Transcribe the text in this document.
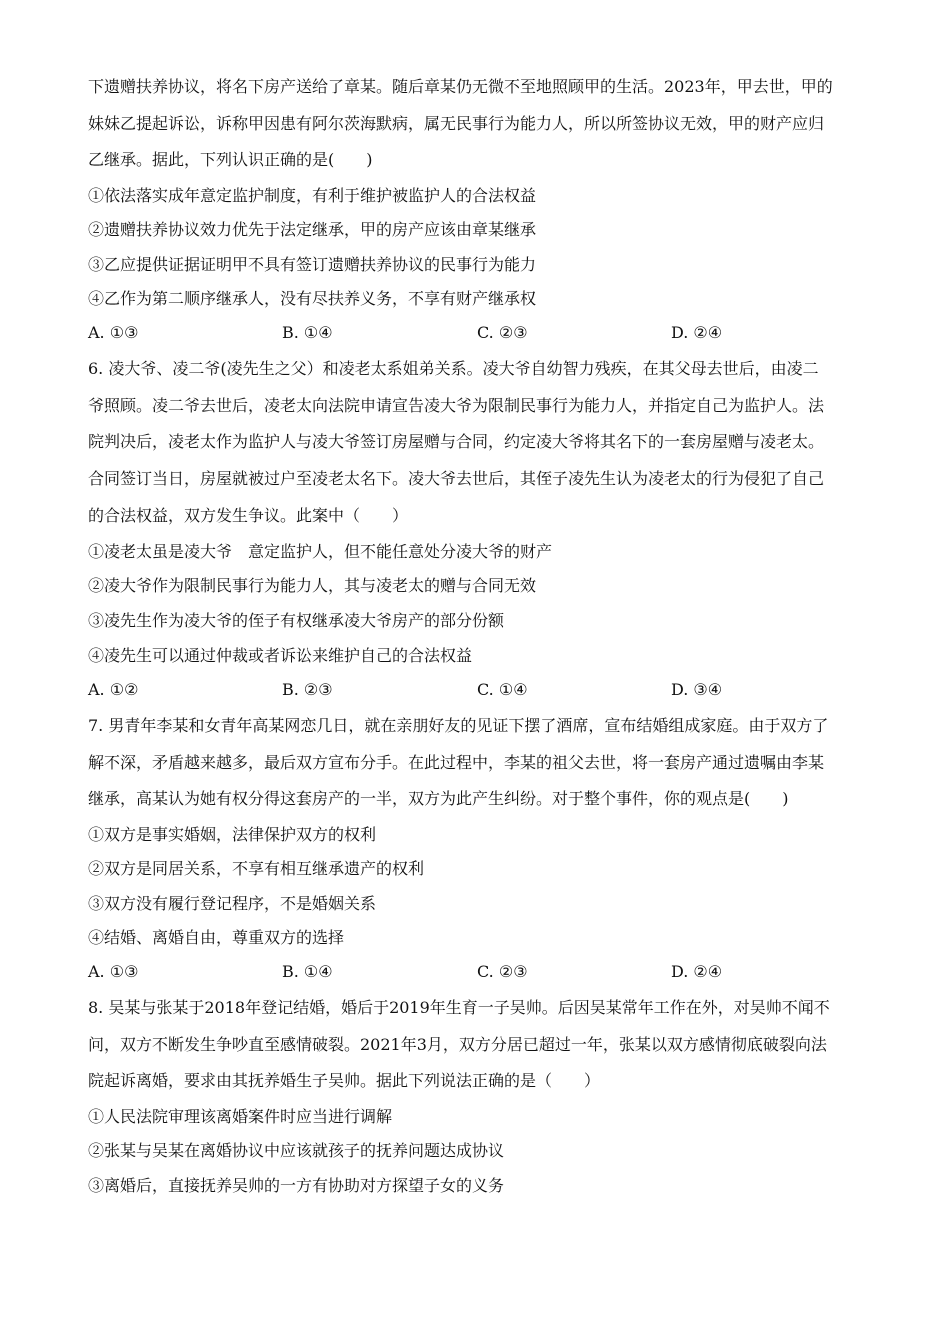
下遗赠扶养协议，将名下房产送给了章某。随后章某仍无微不至地照顾甲的生活。2023年，甲去世，甲的
妹妹乙提起诉讼，诉称甲因患有阿尔茨海默病，属无民事行为能力人，所以所签协议无效，甲的财产应归
乙继承。据此，下列认识正确的是(　　)
①依法落实成年意定监护制度，有利于维护被监护人的合法权益
②遗赠扶养协议效力优先于法定继承，甲的房产应该由章某继承
③乙应提供证据证明甲不具有签订遗赠扶养协议的民事行为能力
④乙作为第二顺序继承人，没有尽扶养义务，不享有财产继承权
A. ①③	B. ①④	C. ②③	D. ②④
6. 凌大爷、凌二爷(凌先生之父）和凌老太系姐弟关系。凌大爷自幼智力残疾，在其父母去世后，由凌二
爷照顾。凌二爷去世后，凌老太向法院申请宣告凌大爷为限制民事行为能力人，并指定自己为监护人。法
院判决后，凌老太作为监护人与凌大爷签订房屋赠与合同，约定凌大爷将其名下的一套房屋赠与凌老太。
合同签订当日，房屋就被过户至凌老太名下。凌大爷去世后，其侄子凌先生认为凌老太的行为侵犯了自己
的合法权益，双方发生争议。此案中（　　）
①凌老太虽是凌大爷　意定监护人，但不能任意处分凌大爷的财产
②凌大爷作为限制民事行为能力人，其与凌老太的赠与合同无效
③凌先生作为凌大爷的侄子有权继承凌大爷房产的部分份额
④凌先生可以通过仲裁或者诉讼来维护自己的合法权益
A. ①②	B. ②③	C. ①④	D. ③④
7. 男青年李某和女青年高某网恋几日，就在亲朋好友的见证下摆了酒席，宣布结婚组成家庭。由于双方了
解不深，矛盾越来越多，最后双方宣布分手。在此过程中，李某的祖父去世，将一套房产通过遗嘱由李某
继承，高某认为她有权分得这套房产的一半，双方为此产生纠纷。对于整个事件，你的观点是(　　)
①双方是事实婚姻，法律保护双方的权利
②双方是同居关系，不享有相互继承遗产的权利
③双方没有履行登记程序，不是婚姻关系
④结婚、离婚自由，尊重双方的选择
A. ①③	B. ①④	C. ②③	D. ②④
8. 吴某与张某于2018年登记结婚，婚后于2019年生育一子吴帅。后因吴某常年工作在外，对吴帅不闻不
问，双方不断发生争吵直至感情破裂。2021年3月，双方分居已超过一年，张某以双方感情彻底破裂向法
院起诉离婚，要求由其抚养婚生子吴帅。据此下列说法正确的是（　　）
①人民法院审理该离婚案件时应当进行调解
②张某与吴某在离婚协议中应该就孩子的抚养问题达成协议
③离婚后，直接抚养吴帅的一方有协助对方探望子女的义务
